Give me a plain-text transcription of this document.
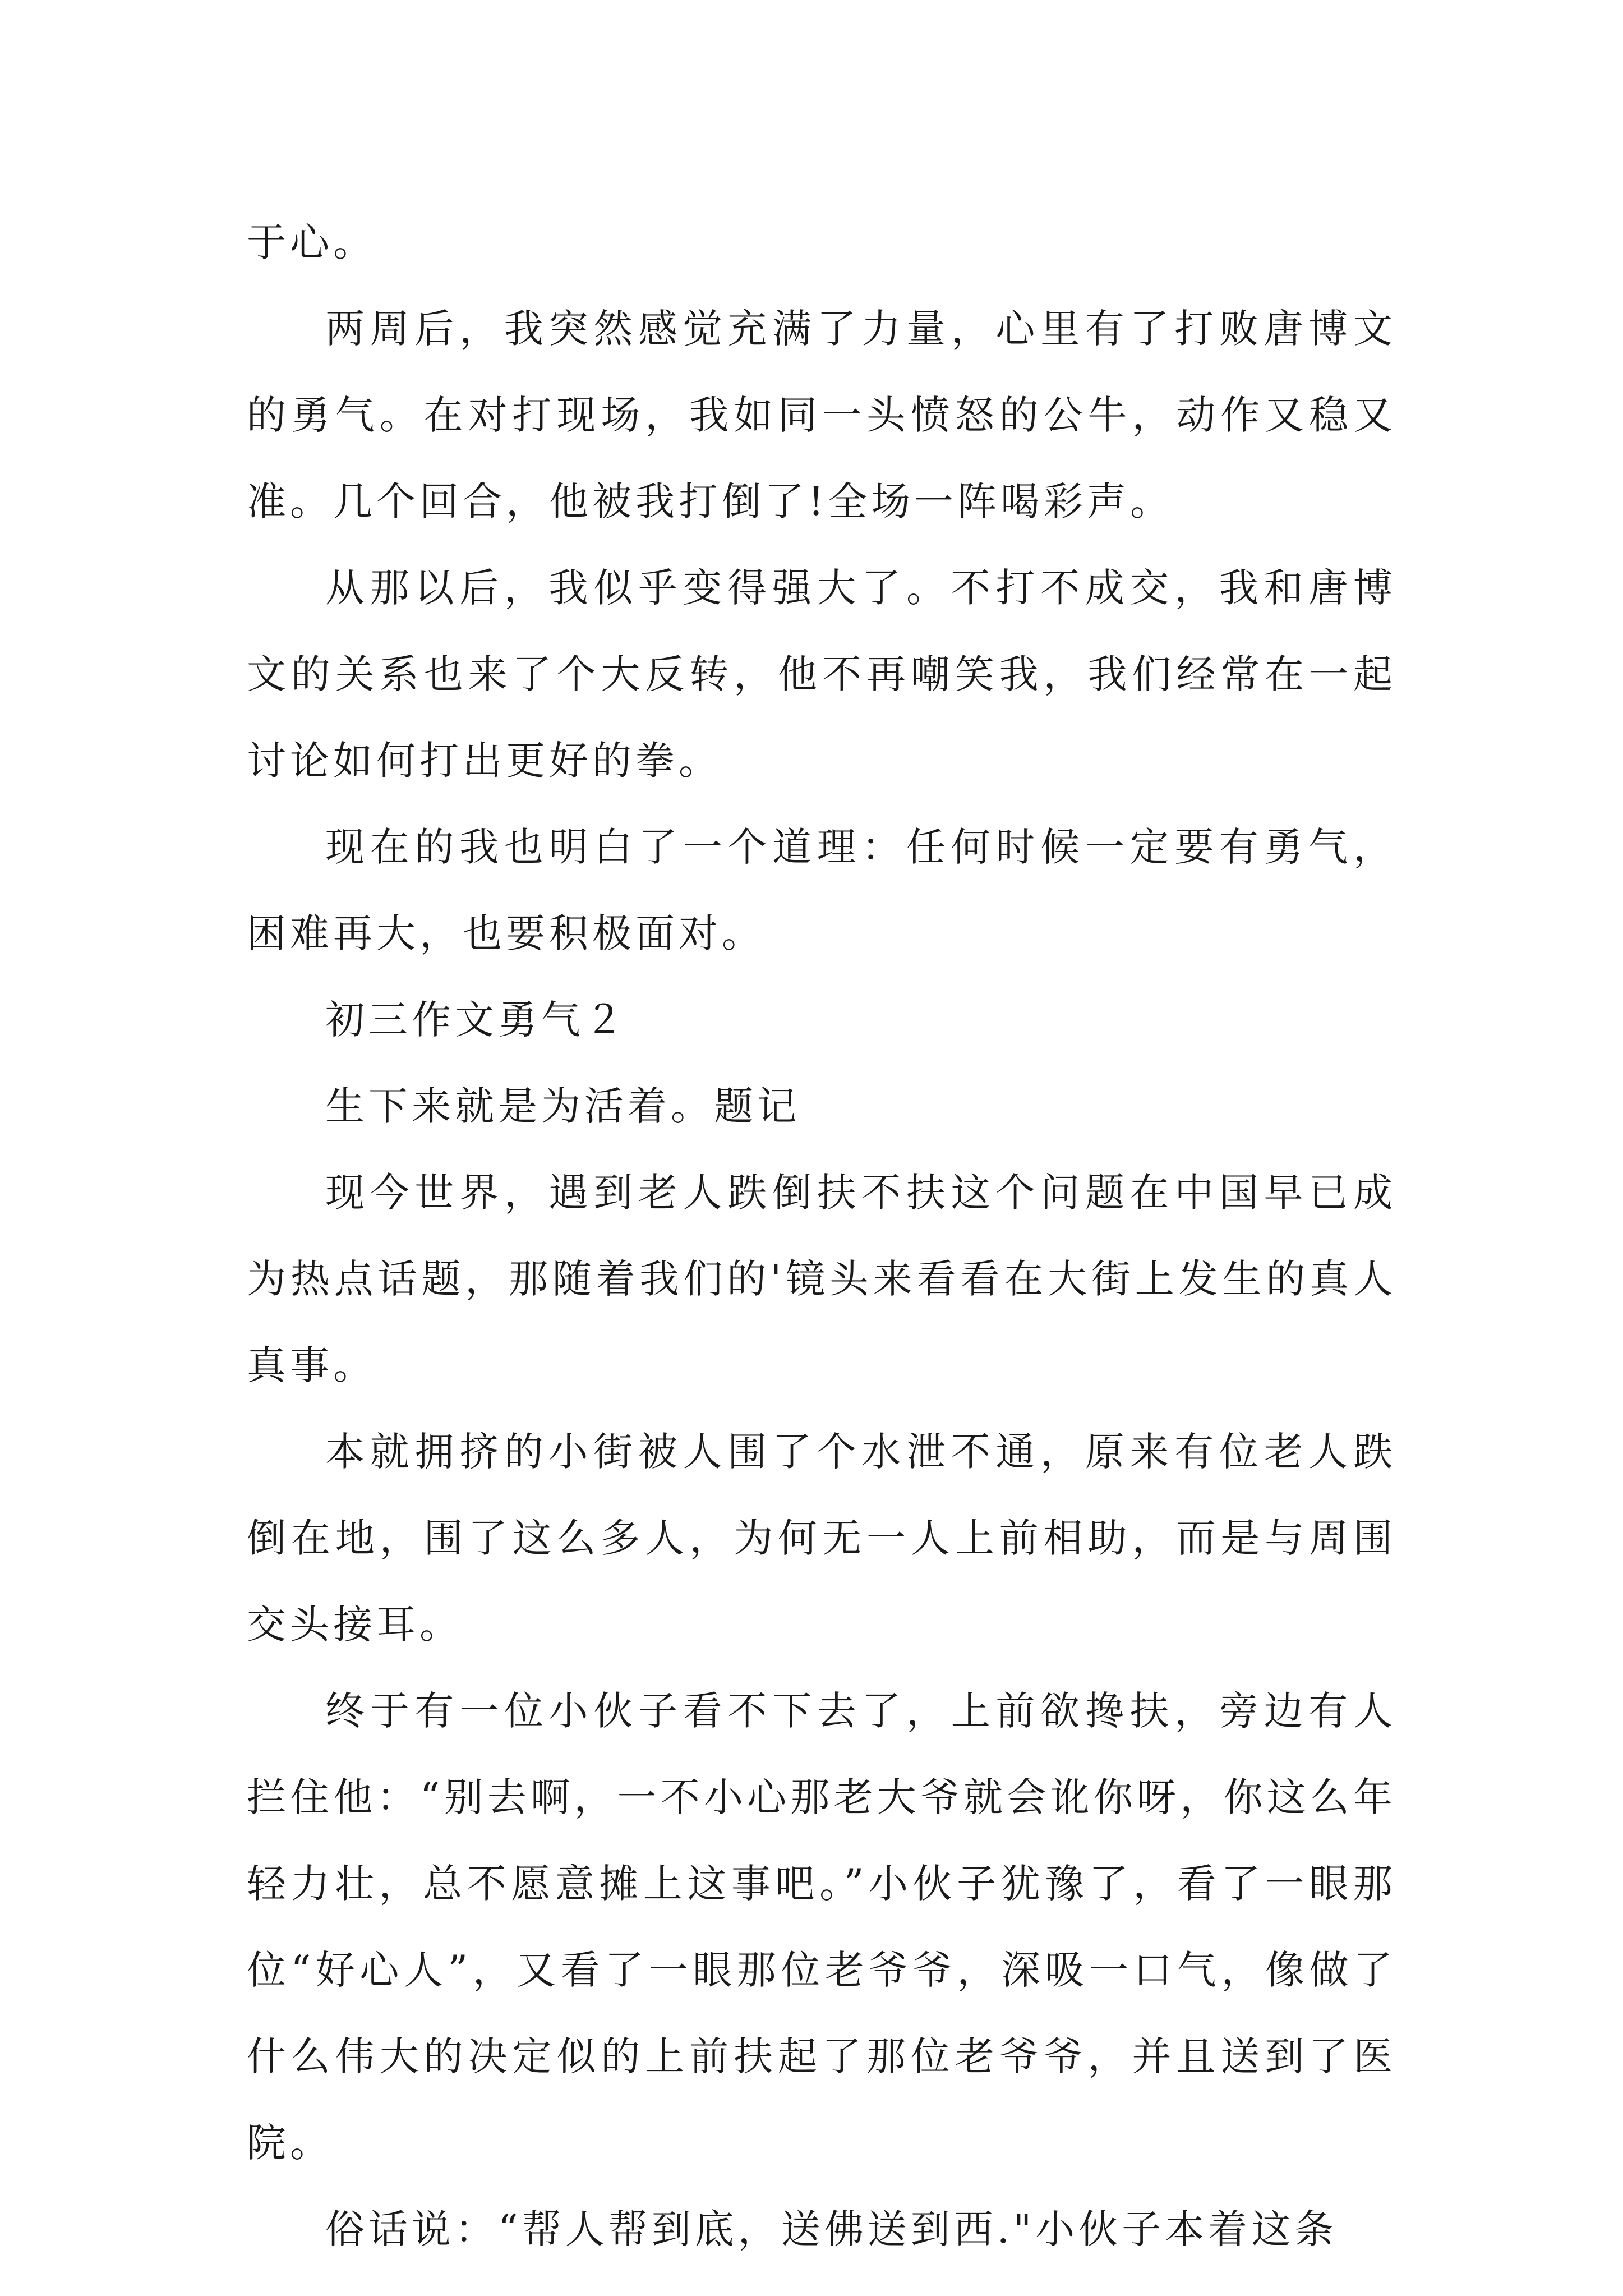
于心。

两周后，我突然感觉充满了力量，心里有了打败唐博文的勇气。在对打现场，我如同一头愤怒的公牛，动作又稳又准。几个回合，他被我打倒了!全场一阵喝彩声。

从那以后，我似乎变得强大了。不打不成交，我和唐博文的关系也来了个大反转，他不再嘲笑我，我们经常在一起讨论如何打出更好的拳。

现在的我也明白了一个道理：任何时候一定要有勇气，困难再大，也要积极面对。

初三作文勇气２

生下来就是为活着。题记

现今世界，遇到老人跌倒扶不扶这个问题在中国早已成为热点话题，那随着我们的'镜头来看看在大街上发生的真人真事。

本就拥挤的小街被人围了个水泄不通，原来有位老人跌倒在地，围了这么多人，为何无一人上前相助，而是与周围交头接耳。

终于有一位小伙子看不下去了，上前欲搀扶，旁边有人拦住他：“别去啊，一不小心那老大爷就会讹你呀，你这么年轻力壮，总不愿意摊上这事吧。”小伙子犹豫了，看了一眼那位“好心人”，又看了一眼那位老爷爷，深吸一口气，像做了什么伟大的决定似的上前扶起了那位老爷爷，并且送到了医院。

俗话说：“帮人帮到底，送佛送到西."小伙子本着这条
